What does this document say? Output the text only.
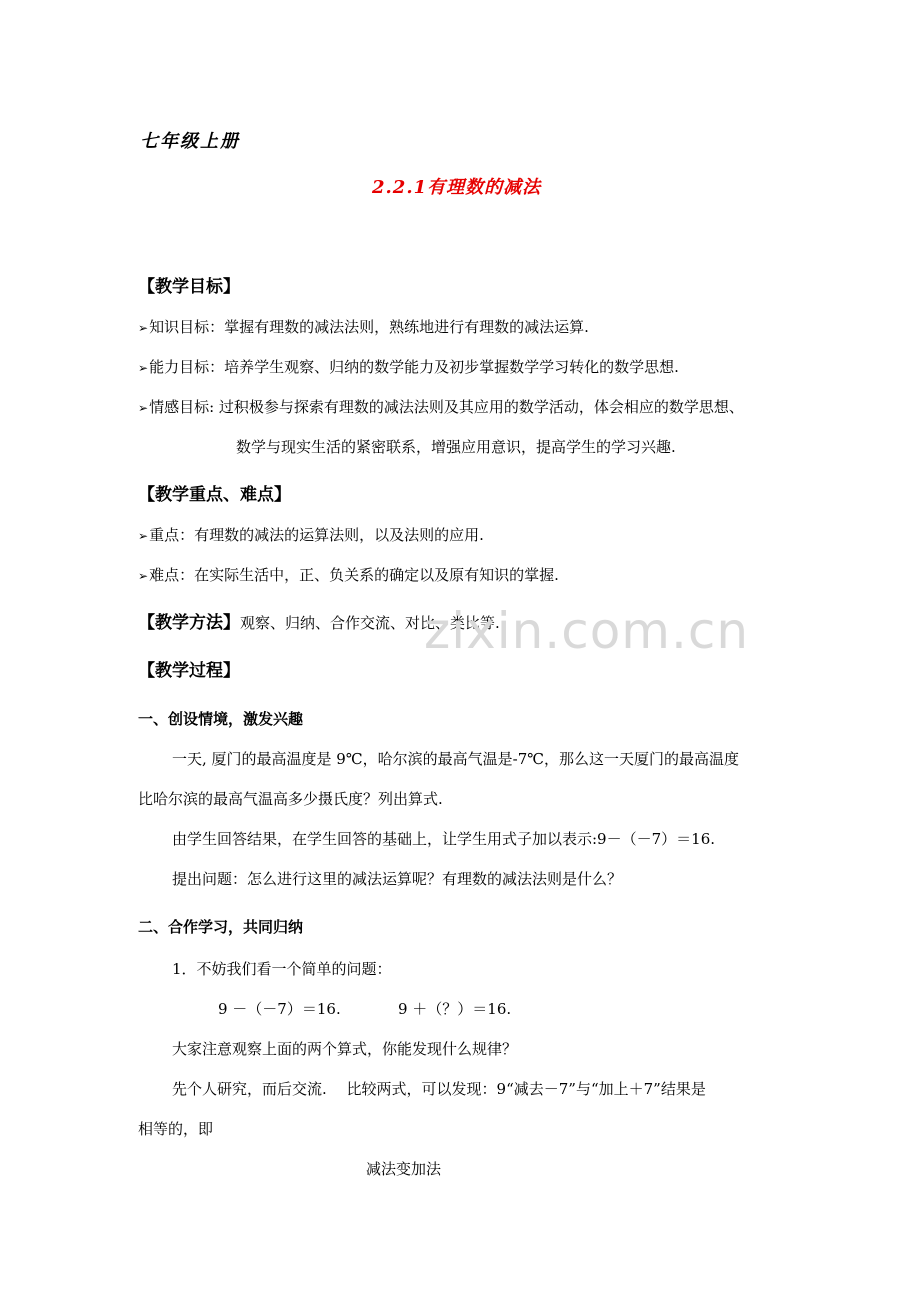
七年级上册
2.2.1有理数的减法
【教学目标】
➢知识目标：掌握有理数的减法法则，熟练地进行有理数的减法运算.
➢能力目标：培养学生观察、归纳的数学能力及初步掌握数学学习转化的数学思想.
➢情感目标: 过积极参与探索有理数的减法法则及其应用的数学活动，体会相应的数学思想、
数学与现实生活的紧密联系，增强应用意识，提高学生的学习兴趣.
【教学重点、难点】
➢重点：有理数的减法的运算法则，以及法则的应用.
➢难点：在实际生活中，正、负关系的确定以及原有知识的掌握.
【教学方法】观察、归纳、合作交流、对比、类比等.
zixin.com.cn
【教学过程】
一、创设情境，激发兴趣
一天, 厦门的最高温度是 9℃，哈尔滨的最高气温是-7℃，那么这一天厦门的最高温度
比哈尔滨的最高气温高多少摄氏度？列出算式.
由学生回答结果，在学生回答的基础上，让学生用式子加以表示:9－（－7）＝16.
提出问题：怎么进行这里的减法运算呢？有理数的减法法则是什么？
二、合作学习，共同归纳
1．不妨我们看一个简单的问题：
9 －（－7）＝16.	9 ＋（？）＝16.
大家注意观察上面的两个算式，你能发现什么规律？
先个人研究，而后交流.　 比较两式，可以发现：9“减去－7”与“加上＋7”结果是
相等的，即
减法变加法
